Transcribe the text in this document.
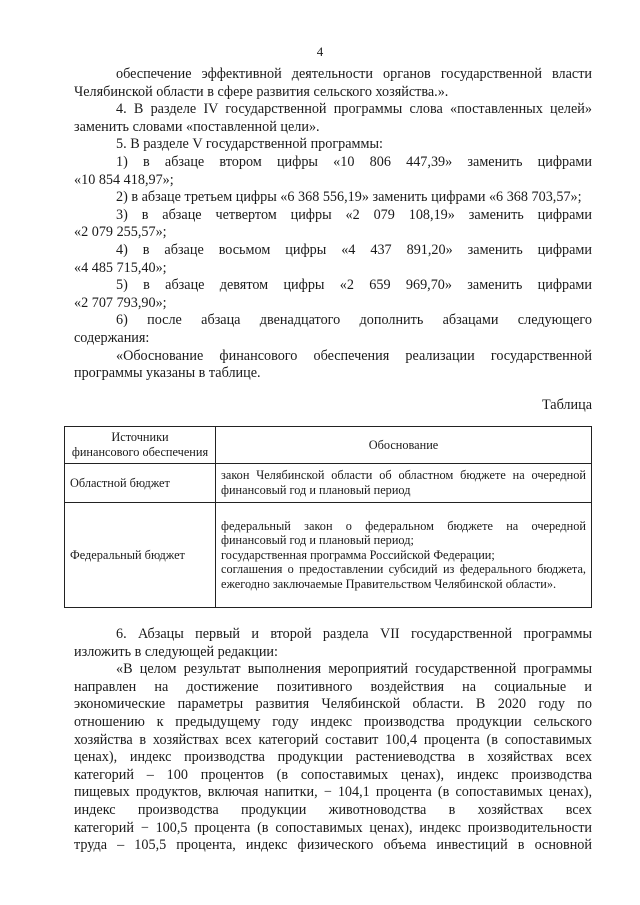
4

обеспечение эффективной деятельности органов государственной власти

Челябинской области в сфере развития сельского хозяйства.».

4. В разделе IV государственной программы слова «поставленных целей»

заменить словами «поставленной цели».

5. В разделе V государственной программы:

1) в абзаце втором цифры «10 806 447,39» заменить цифрами

«10 854 418,97»;

2) в абзаце третьем цифры «6 368 556,19» заменить цифрами «6 368 703,57»;

3) в абзаце четвертом цифры «2 079 108,19» заменить цифрами

«2 079 255,57»;

4) в абзаце восьмом цифры «4 437 891,20» заменить цифрами

«4 485 715,40»;

5) в абзаце девятом цифры «2 659 969,70» заменить цифрами

«2 707 793,90»;

6) после абзаца двенадцатого дополнить абзацами следующего

содержания:

«Обоснование финансового обеспечения реализации государственной

программы указаны в таблице.

Таблица

Источники
финансового обеспечения	Обоснование
Областной бюджет	закон Челябинской области об областном бюджете на очередной финансовый год и плановый период

Федеральный бюджет	федеральный закон о федеральном бюджете на очередной финансовый год и плановый период;
государственная программа Российской Федерации;
соглашения о предоставлении субсидий из федерального бюджета, ежегодно заключаемые Правительством Челябинской области».

6. Абзацы первый и второй раздела VII государственной программы

изложить в следующей редакции:

«В целом результат выполнения мероприятий государственной программы

направлен на достижение позитивного воздействия на социальные и

экономические параметры развития Челябинской области. В 2020 году по

отношению к предыдущему году индекс производства продукции сельского

хозяйства в хозяйствах всех категорий составит 100,4 процента (в сопоставимых

ценах), индекс производства продукции растениеводства в хозяйствах всех

категорий – 100 процентов (в сопоставимых ценах), индекс производства

пищевых продуктов, включая напитки, − 104,1 процента (в сопоставимых ценах),

индекс производства продукции животноводства в хозяйствах всех

категорий − 100,5 процента (в сопоставимых ценах), индекс производительности

труда – 105,5 процента, индекс физического объема инвестиций в основной
